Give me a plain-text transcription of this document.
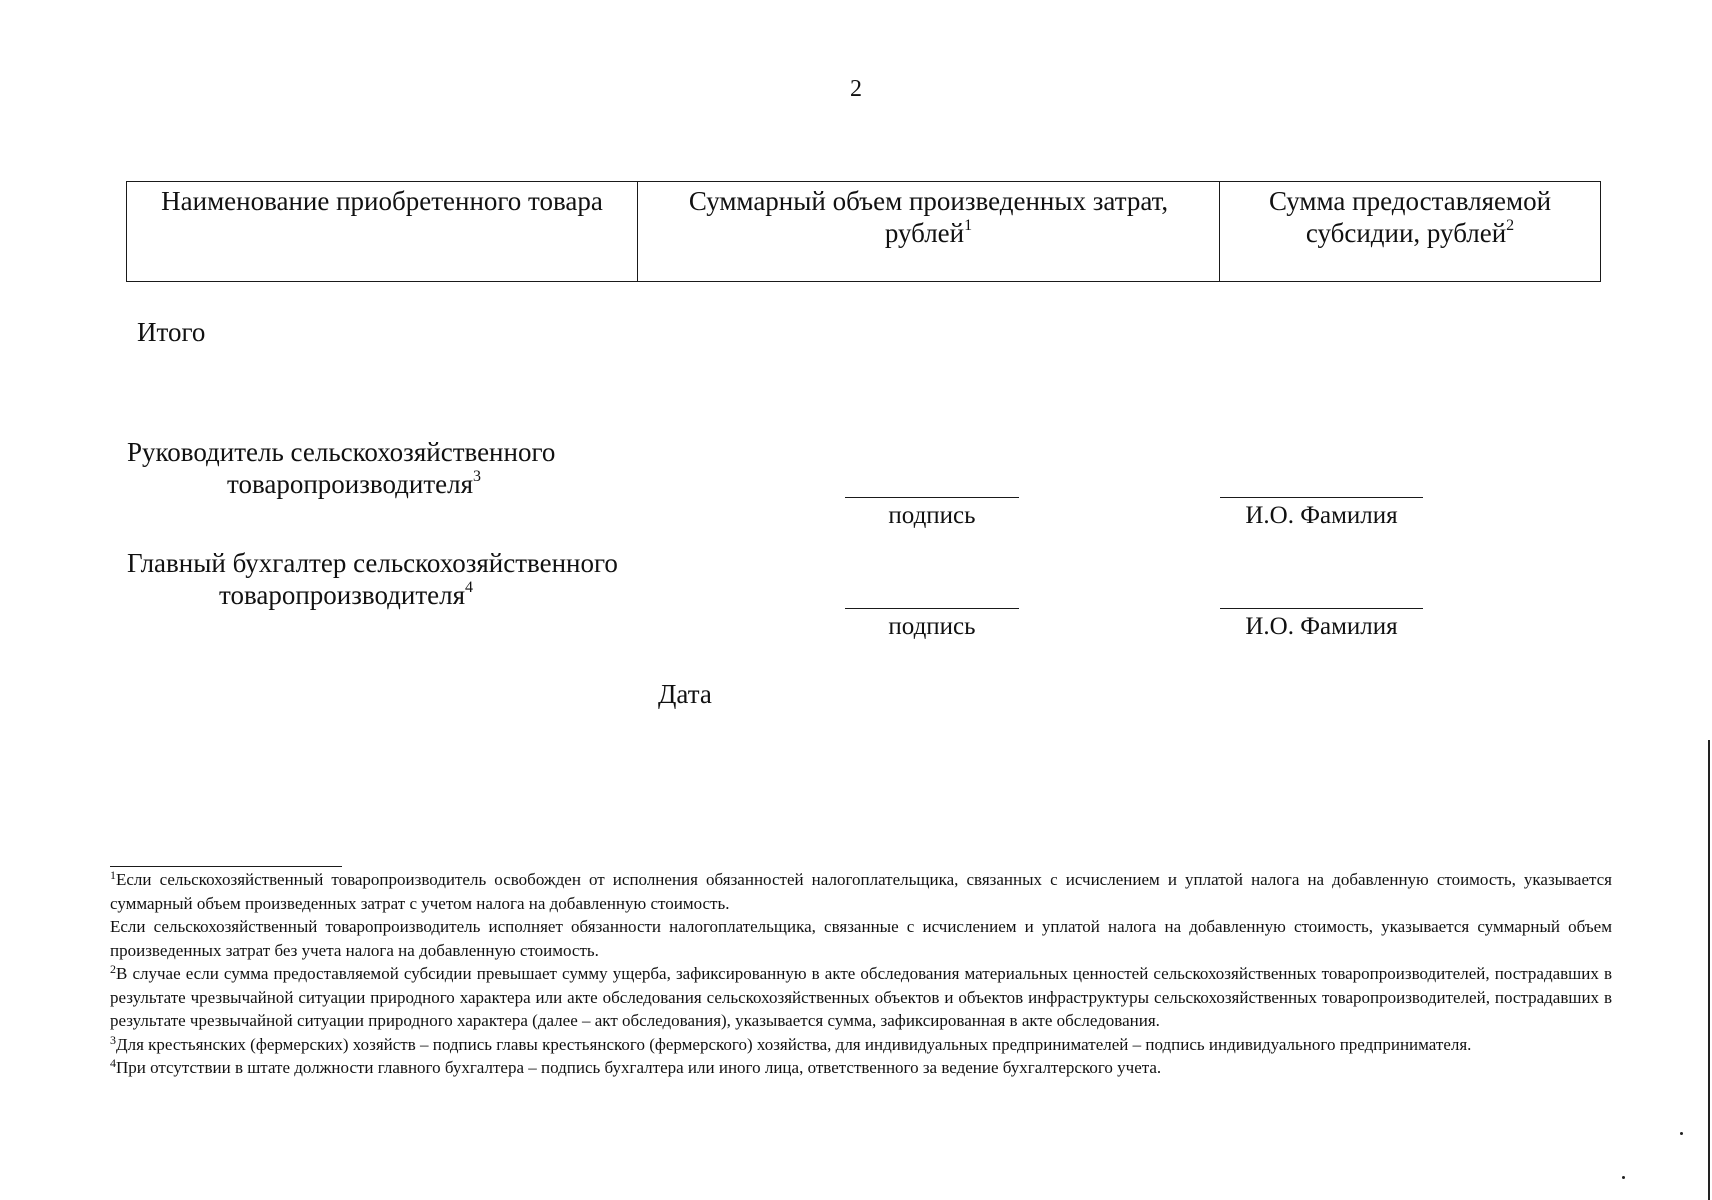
2
Наименование приобретенного товара	Суммарный объем произведенных затрат, рублей$^1$	Сумма предоставляемой субсидии, рублей$^2$
Итого
Руководитель сельскохозяйственного
товаропроизводителя$^3$
подпись	И.О. Фамилия
Главный бухгалтер сельскохозяйственного
товаропроизводителя$^4$
подпись	И.О. Фамилия
Дата

$^1$Если сельскохозяйственный товаропроизводитель освобожден от исполнения обязанностей налогоплательщика, связанных с исчислением и уплатой налога на добавленную стоимость, указывается суммарный объем произведенных затрат с учетом налога на добавленную стоимость.

Если сельскохозяйственный товаропроизводитель исполняет обязанности налогоплательщика, связанные с исчислением и уплатой налога на добавленную стоимость, указывается суммарный объем произведенных затрат без учета налога на добавленную стоимость.

$^2$В случае если сумма предоставляемой субсидии превышает сумму ущерба, зафиксированную в акте обследования материальных ценностей сельскохозяйственных товаропроизводителей, пострадавших в результате чрезвычайной ситуации природного характера или акте обследования сельскохозяйственных объектов и объектов инфраструктуры сельскохозяйственных товаропроизводителей, пострадавших в результате чрезвычайной ситуации природного характера (далее – акт обследования), указывается сумма, зафиксированная в акте обследования.

$^3$Для крестьянских (фермерских) хозяйств – подпись главы крестьянского (фермерского) хозяйства, для индивидуальных предпринимателей – подпись индивидуального предпринимателя.

$^4$При отсутствии в штате должности главного бухгалтера – подпись бухгалтера или иного лица, ответственного за ведение бухгалтерского учета.
